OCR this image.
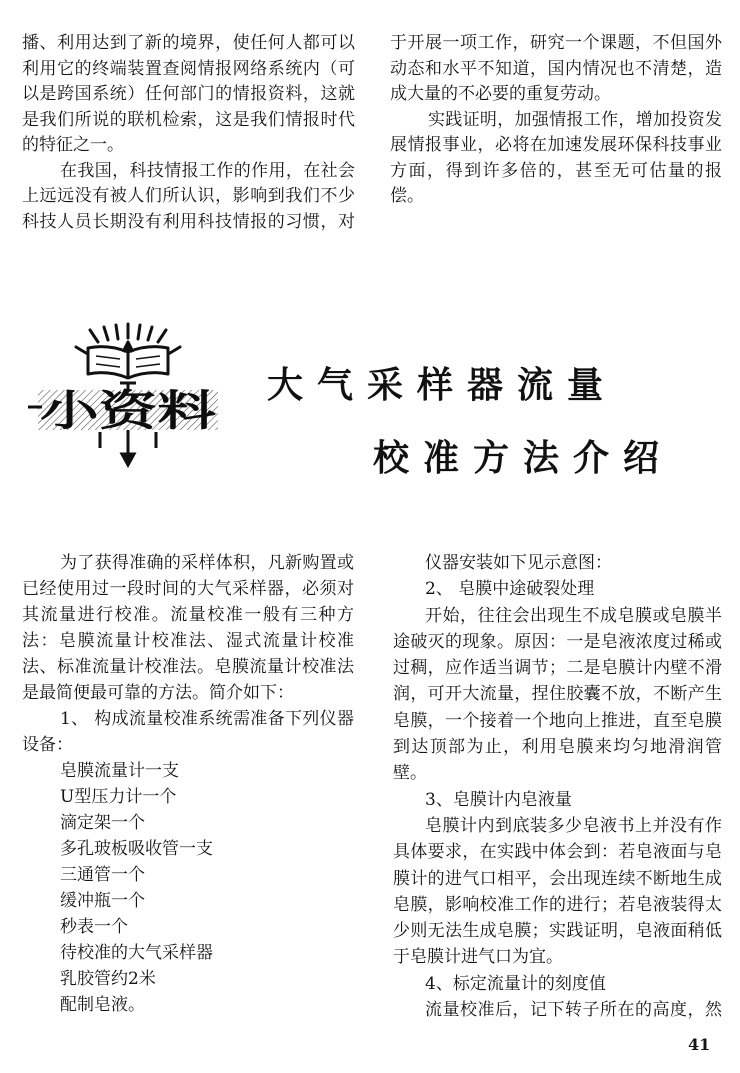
播、利用达到了新的境界，使任何人都可以
利用它的终端装置查阅情报网络系统内（可
以是跨国系统）任何部门的情报资料，这就
是我们所说的联机检索，这是我们情报时代
的特征之一。
在我国，科技情报工作的作用，在社会
上远远没有被人们所认识，影响到我们不少
科技人员长期没有利用科技情报的习惯，对
于开展一项工作，研究一个课题，不但国外
动态和水平不知道，国内情况也不清楚，造
成大量的不必要的重复劳动。
实践证明，加强情报工作，增加投资发
展情报事业，必将在加速发展环保科技事业
方面，得到许多倍的，甚至无可估量的报
偿。
小资料
大气采样器流量
校准方法介绍
为了获得准确的采样体积，凡新购置或
已经使用过一段时间的大气采样器，必须对
其流量进行校准。流量校准一般有三种方
法：皂膜流量计校准法、湿式流量计校准
法、标准流量计校准法。皂膜流量计校准法
是最简便最可靠的方法。简介如下：
1、 构成流量校准系统需准备下列仪器
设备：
皂膜流量计一支
U型压力计一个
滴定架一个
多孔玻板吸收管一支
三通管一个
缓冲瓶一个
秒表一个
待校准的大气采样器
乳胶管约2米
配制皂液。
仪器安装如下见示意图：
2、 皂膜中途破裂处理
开始，往往会出现生不成皂膜或皂膜半
途破灭的现象。原因：一是皂液浓度过稀或
过稠，应作适当调节；二是皂膜计内壁不滑
润，可开大流量，捏住胶囊不放，不断产生
皂膜，一个接着一个地向上推进，直至皂膜
到达顶部为止，利用皂膜来均匀地滑润管
壁。
3、皂膜计内皂液量
皂膜计内到底装多少皂液书上并没有作
具体要求，在实践中体会到：若皂液面与皂
膜计的进气口相平，会出现连续不断地生成
皂膜，影响校准工作的进行；若皂液装得太
少则无法生成皂膜；实践证明，皂液面稍低
于皂膜计进气口为宜。
4、标定流量计的刻度值
流量校准后，记下转子所在的高度，然
41
